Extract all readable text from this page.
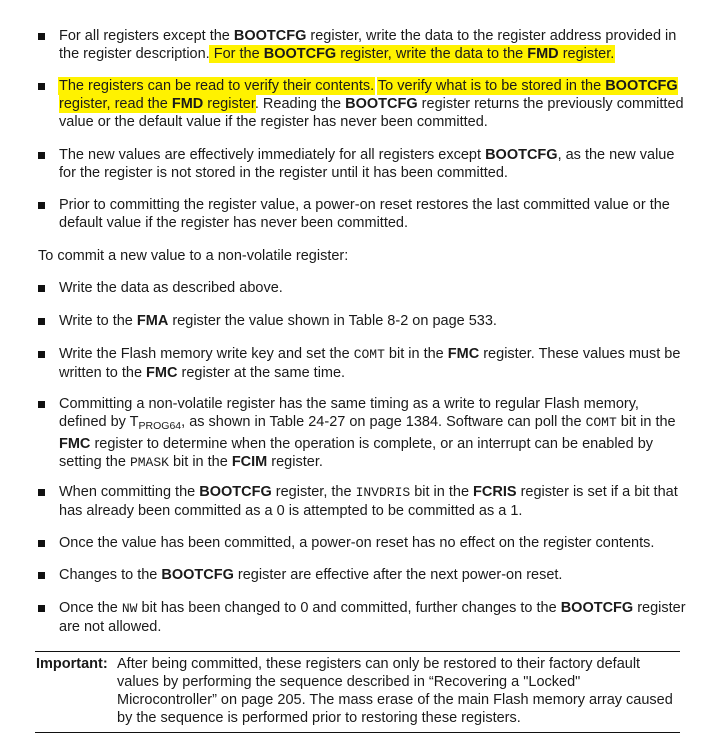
For all registers except the BOOTCFG register, write the data to the register address provided in the register description. For the BOOTCFG register, write the data to the FMD register.
The registers can be read to verify their contents. To verify what is to be stored in the BOOTCFG register, read the FMD register. Reading the BOOTCFG register returns the previously committed value or the default value if the register has never been committed.
The new values are effectively immediately for all registers except BOOTCFG, as the new value for the register is not stored in the register until it has been committed.
Prior to committing the register value, a power-on reset restores the last committed value or the default value if the register has never been committed.
To commit a new value to a non-volatile register:
Write the data as described above.
Write to the FMA register the value shown in Table 8-2 on page 533.
Write the Flash memory write key and set the COMT bit in the FMC register. These values must be written to the FMC register at the same time.
Committing a non-volatile register has the same timing as a write to regular Flash memory, defined by $T_{PROG64}$, as shown in Table 24-27 on page 1384. Software can poll the COMT bit in the FMC register to determine when the operation is complete, or an interrupt can be enabled by setting the PMASK bit in the FCIM register.
When committing the BOOTCFG register, the INVDRIS bit in the FCRIS register is set if a bit that has already been committed as a 0 is attempted to be committed as a 1.
Once the value has been committed, a power-on reset has no effect on the register contents.
Changes to the BOOTCFG register are effective after the next power-on reset.
Once the NW bit has been changed to 0 and committed, further changes to the BOOTCFG register are not allowed.
Important: After being committed, these registers can only be restored to their factory default values by performing the sequence described in “Recovering a "Locked" Microcontroller” on page 205. The mass erase of the main Flash memory array caused by the sequence is performed prior to restoring these registers.
